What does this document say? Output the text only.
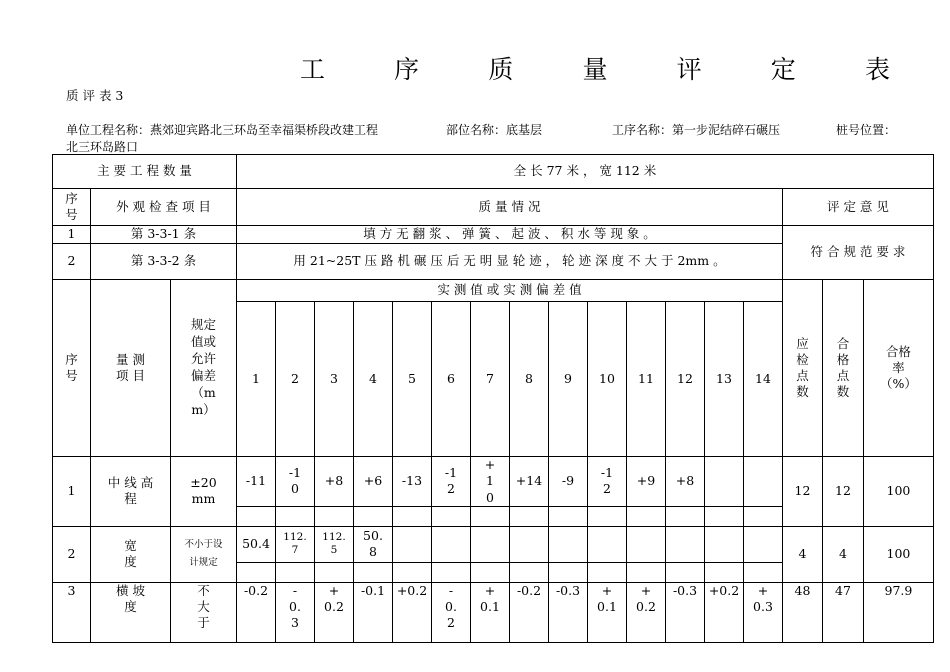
工	序	质	量	评	定	表
质 评 表 3
单位工程名称：燕郊迎宾路北三环岛至幸福渠桥段改建工程	部位名称：底基层	工序名称：第一步泥结碎石碾压	桩号位置：
北三环岛路口
主 要 工 程 数 量			全 长 77 米 ， 宽 112 米																
序号	外 观 检 查 项 目		质 量 情 况														评 定 意 见		
1	第 3-3-1 条		填 方 无 翻 浆 、 弹 簧 、 起 波 、 积 水 等 现 象 。														符 合 规 范 要 求		
2	第 3-3-2 条		用 21~25T 压 路 机 碾 压 后 无 明 显 轮 迹 ， 轮 迹 深 度 不 大 于 2mm 。																
序号	量 测 项 目	规定值或允许偏差（mm）	实 测 值 或 实 测 偏 差 值														应检点数	合格点数	合格率（%）
			1	2	3	4	5	6	7	8	9	10	11	12	13	14			
1	中 线 高 程	±20 mm	-11	-10	+8	+6	-13	-12	+10	+14	-9	-12	+9	+8			12	12	100

2	宽 度	不小于设计规定	50.4	112.7	112.5	50.8											4	4	100

3	横 坡 度	不大于	-0.2	-0.3	+0.2	-0.1	+0.2	-0.2	+0.1	-0.2	-0.3	+0.1	+0.2	-0.3	+0.2	+0.3	48	47	97.9
